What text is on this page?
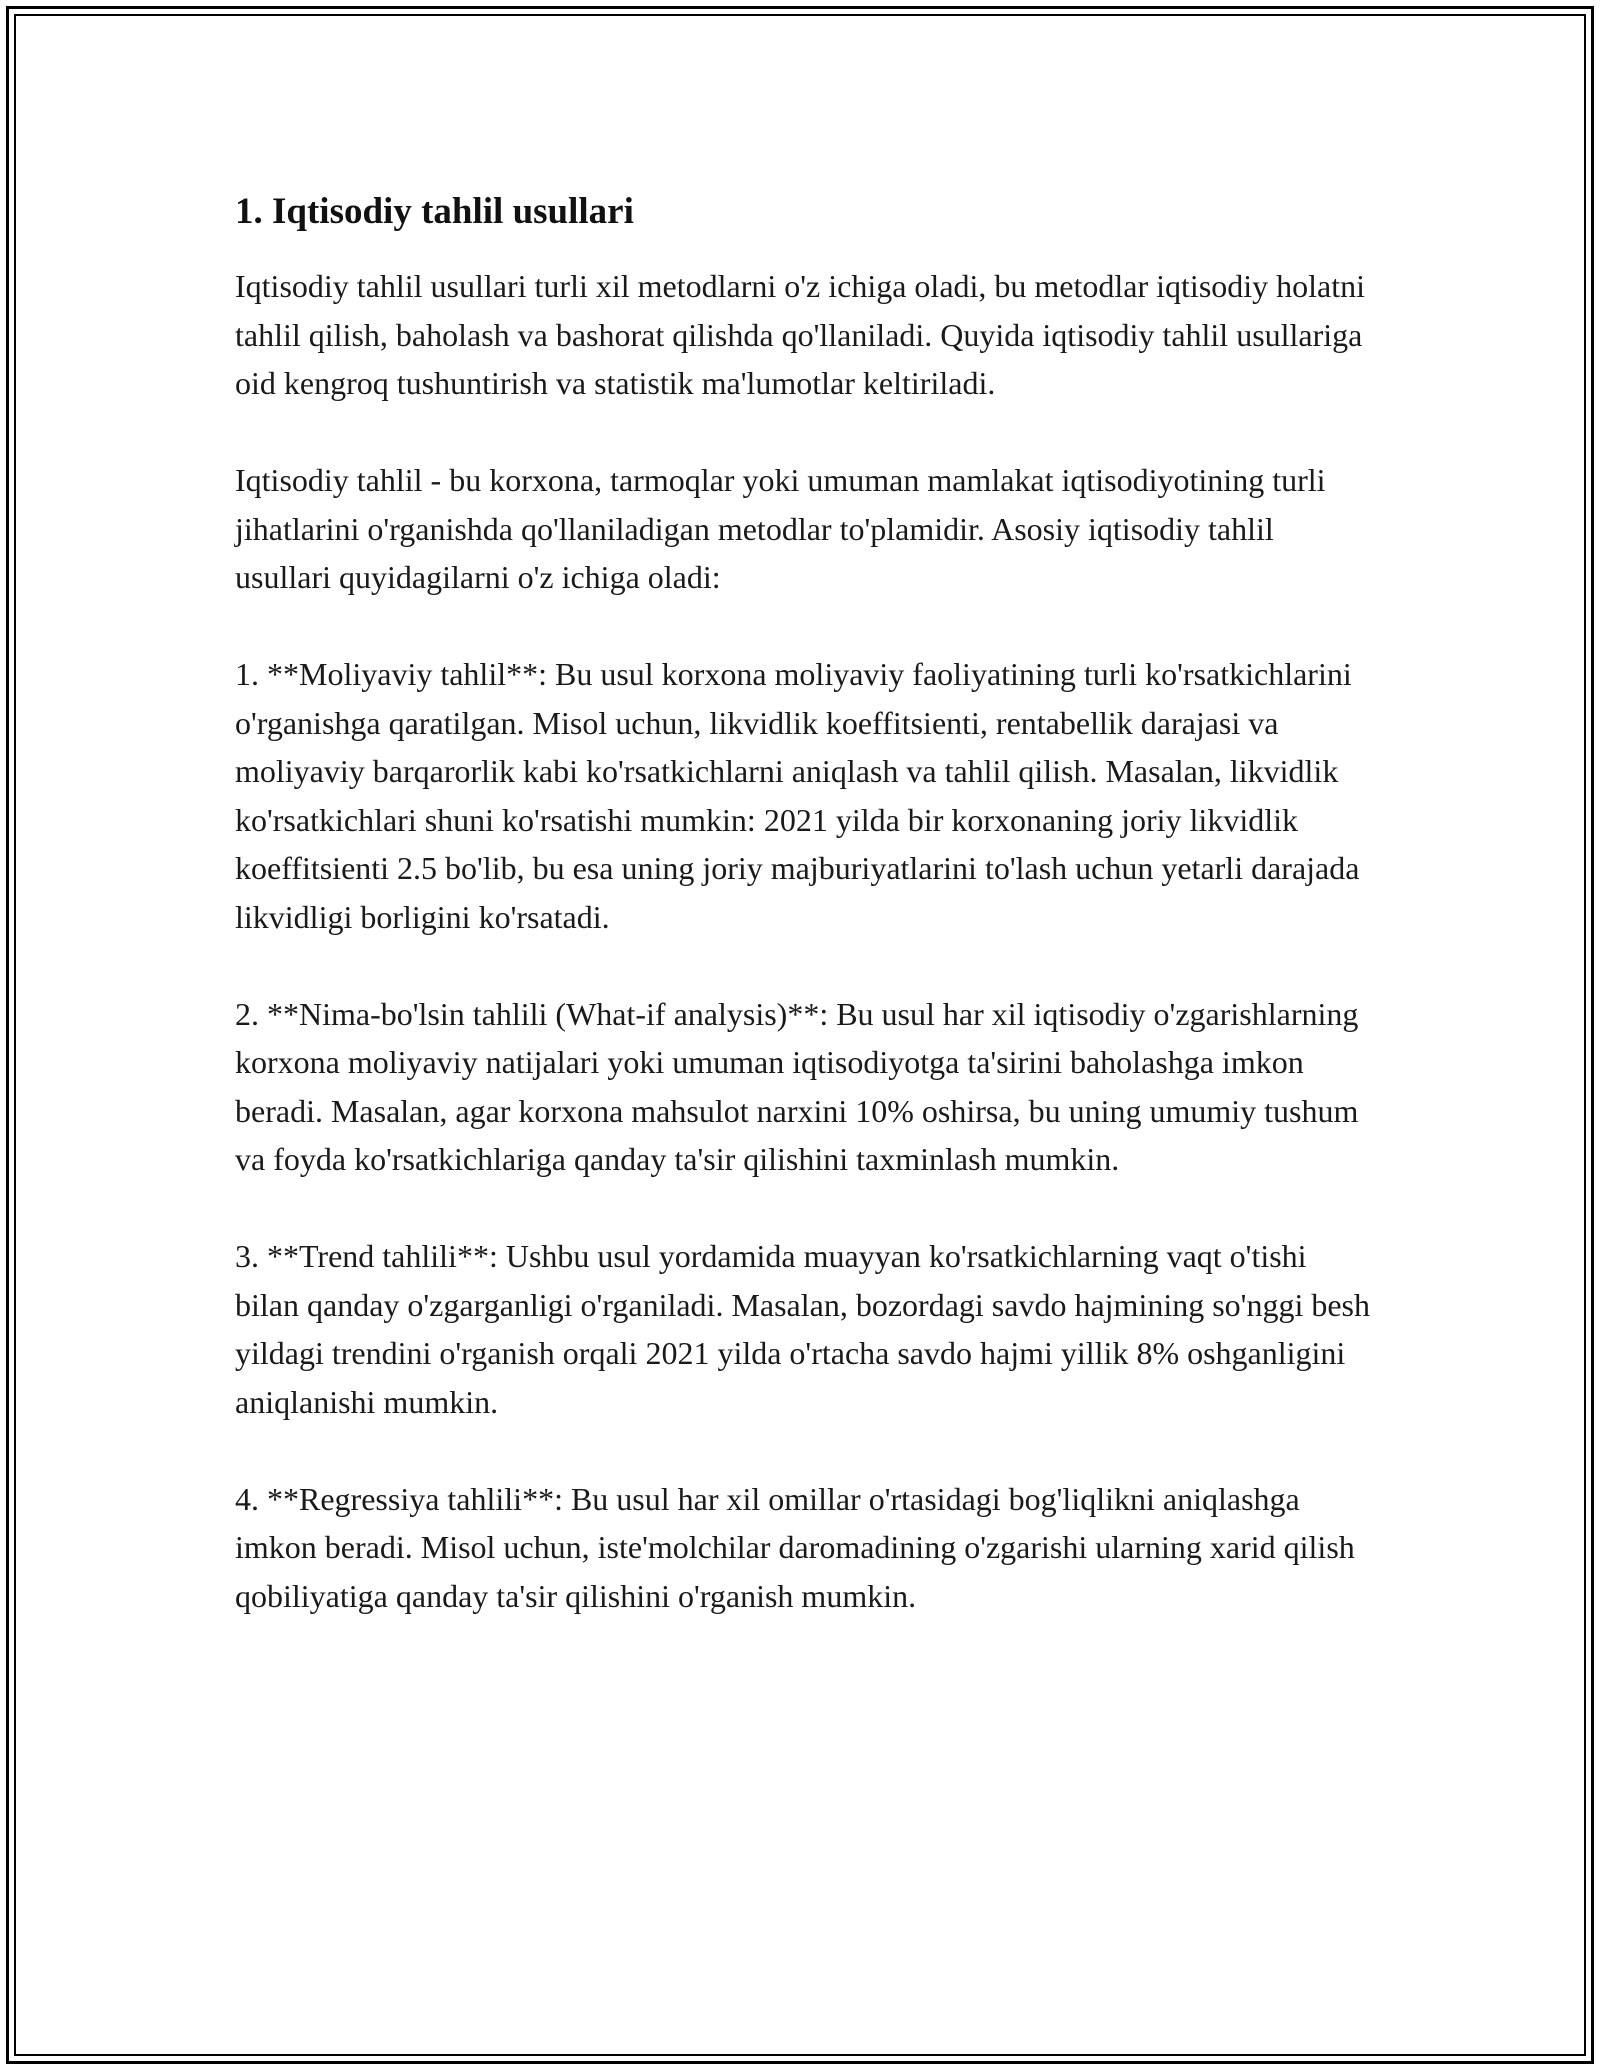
1. Iqtisodiy tahlil usullari

Iqtisodiy tahlil usullari turli xil metodlarni o'z ichiga oladi, bu metodlar iqtisodiy holatni tahlil qilish, baholash va bashorat qilishda qo'llaniladi. Quyida iqtisodiy tahlil usullariga oid kengroq tushuntirish va statistik ma'lumotlar keltiriladi.

Iqtisodiy tahlil - bu korxona, tarmoqlar yoki umuman mamlakat iqtisodiyotining turli jihatlarini o'rganishda qo'llaniladigan metodlar to'plamidir. Asosiy iqtisodiy tahlil usullari quyidagilarni o'z ichiga oladi:

1. **Moliyaviy tahlil**: Bu usul korxona moliyaviy faoliyatining turli ko'rsatkichlarini o'rganishga qaratilgan. Misol uchun, likvidlik koeffitsienti, rentabellik darajasi va moliyaviy barqarorlik kabi ko'rsatkichlarni aniqlash va tahlil qilish. Masalan, likvidlik ko'rsatkichlari shuni ko'rsatishi mumkin: 2021 yilda bir korxonaning joriy likvidlik koeffitsienti 2.5 bo'lib, bu esa uning joriy majburiyatlarini to'lash uchun yetarli darajada likvidligi borligini ko'rsatadi.

2. **Nima-bo'lsin tahlili (What-if analysis)**: Bu usul har xil iqtisodiy o'zgarishlarning korxona moliyaviy natijalari yoki umuman iqtisodiyotga ta'sirini baholashga imkon beradi. Masalan, agar korxona mahsulot narxini 10% oshirsa, bu uning umumiy tushum va foyda ko'rsatkichlariga qanday ta'sir qilishini taxminlash mumkin.

3. **Trend tahlili**: Ushbu usul yordamida muayyan ko'rsatkichlarning vaqt o'tishi bilan qanday o'zgarganligi o'rganiladi. Masalan, bozordagi savdo hajmining so'nggi besh yildagi trendini o'rganish orqali 2021 yilda o'rtacha savdo hajmi yillik 8% oshganligini aniqlanishi mumkin.

4. **Regressiya tahlili**: Bu usul har xil omillar o'rtasidagi bog'liqlikni aniqlashga imkon beradi. Misol uchun, iste'molchilar daromadining o'zgarishi ularning xarid qilish qobiliyatiga qanday ta'sir qilishini o'rganish mumkin.
